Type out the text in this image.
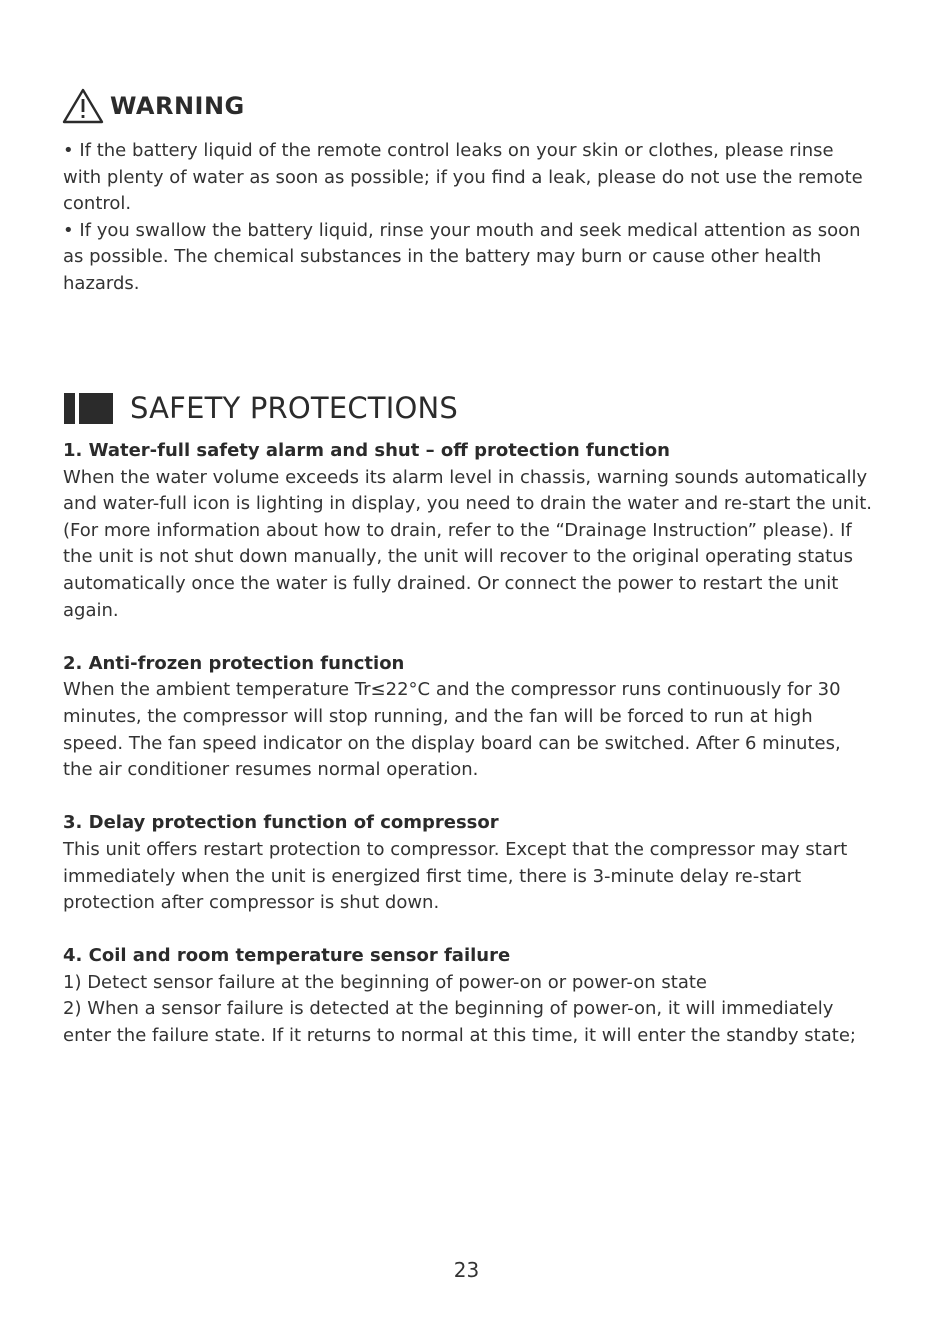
WARNING

• If the battery liquid of the remote control leaks on your skin or clothes, please rinse with plenty of water as soon as possible; if you find a leak, please do not use the remote control.

• If you swallow the battery liquid, rinse your mouth and seek medical attention as soon as possible. The chemical substances in the battery may burn or cause other health hazards.

SAFETY PROTECTIONS
1. Water-full safety alarm and shut – off protection function

When the water volume exceeds its alarm level in chassis, warning sounds automatically and water-full icon is lighting in display, you need to drain the water and re-start the unit. (For more information about how to drain, refer to the “Drainage Instruction” please). If the unit is not shut down manually, the unit will recover to the original operating status automatically once the water is fully drained. Or connect the power to restart the unit again.

2. Anti-frozen protection function

When the ambient temperature Tr≤22°C and the compressor runs continuously for 30 minutes, the compressor will stop running, and the fan will be forced to run at high speed. The fan speed indicator on the display board can be switched. After 6 minutes, the air conditioner resumes normal operation.

3. Delay protection function of compressor

This unit offers restart protection to compressor. Except that the compressor may start immediately when the unit is energized first time, there is 3-minute delay re-start protection after compressor is shut down.

4. Coil and room temperature sensor failure

1) Detect sensor failure at the beginning of power-on or power-on state

2) When a sensor failure is detected at the beginning of power-on, it will immediately enter the failure state. If it returns to normal at this time, it will enter the standby state;

23
